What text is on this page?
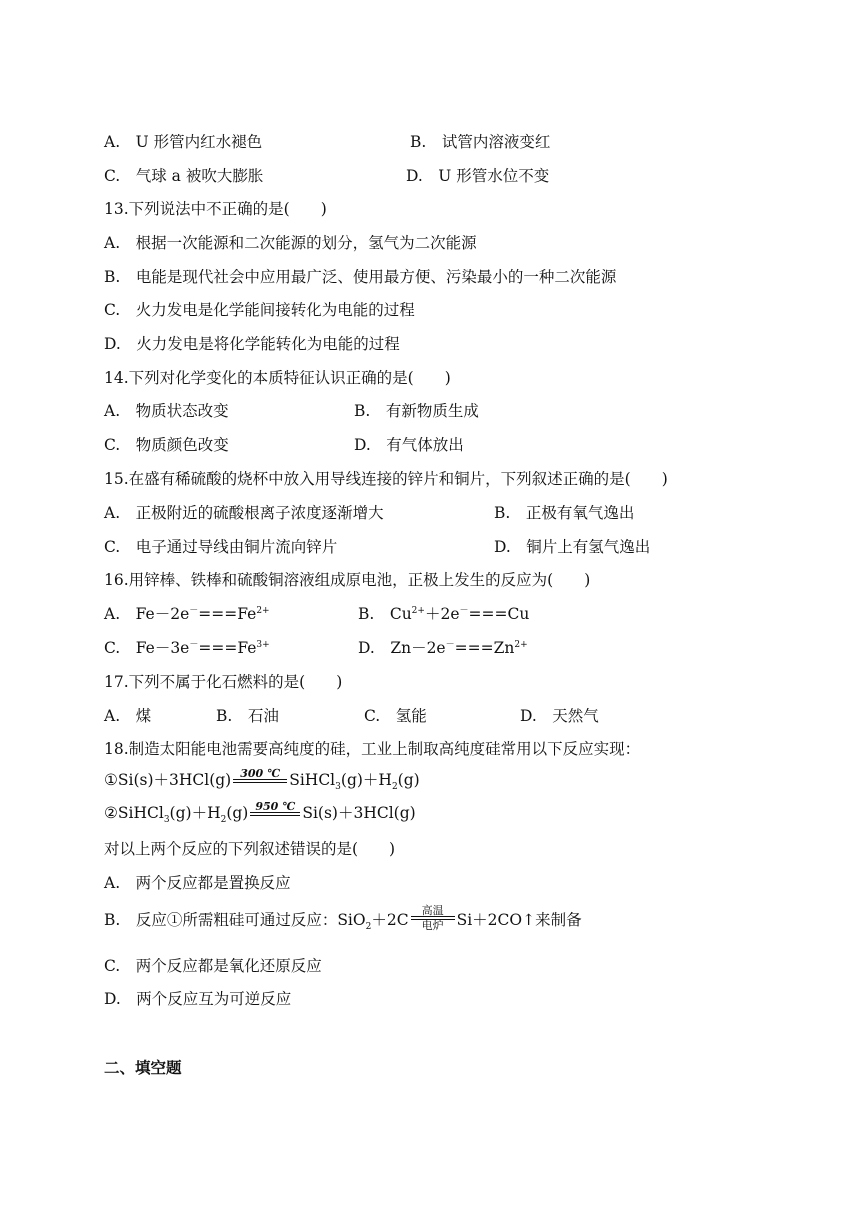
A.　U 形管内红水褪色	B.　试管内溶液变红
C.　气球 a 被吹大膨胀	D.　U 形管水位不变
13.下列说法中不正确的是(　　)
A.　根据一次能源和二次能源的划分，氢气为二次能源
B.　电能是现代社会中应用最广泛、使用最方便、污染最小的一种二次能源
C.　火力发电是化学能间接转化为电能的过程
D.　火力发电是将化学能转化为电能的过程
14.下列对化学变化的本质特征认识正确的是(　　)
A.　物质状态改变	B.　有新物质生成
C.　物质颜色改变	D.　有气体放出
15.在盛有稀硫酸的烧杯中放入用导线连接的锌片和铜片，下列叙述正确的是(　　)
A.　正极附近的硫酸根离子浓度逐渐增大	B.　正极有氧气逸出
C.　电子通过导线由铜片流向锌片	D.　铜片上有氢气逸出
16.用锌棒、铁棒和硫酸铜溶液组成原电池，正极上发生的反应为(　　)
A.　$Fe-2e^-===Fe^{2+}$	B.　$Cu^{2+}+2e^-===Cu$
C.　$Fe-3e^-===Fe^{3+}$	D.　$Zn-2e^-===Zn^{2+}$
17.下列不属于化石燃料的是(　　)
A.　煤	B.　石油	C.　氢能	D.　天然气
18.制造太阳能电池需要高纯度的硅，工业上制取高纯度硅常用以下反应实现：
①Si(s)＋3HCl(g) 300 ℃
$SiHCl_3(g)+H_2(g)$
$②SiHCl_3(g)+H_2(g)$ 950 ℃
Si(s)＋3HCl(g)
对以上两个反应的下列叙述错误的是(　　)
A.　两个反应都是置换反应
B.　反应①所需粗硅可通过反应：SiO$_2$＋2C
高温
电炉 Si＋2CO↑来制备
C.　两个反应都是氧化还原反应
D.　两个反应互为可逆反应
二、填空题
